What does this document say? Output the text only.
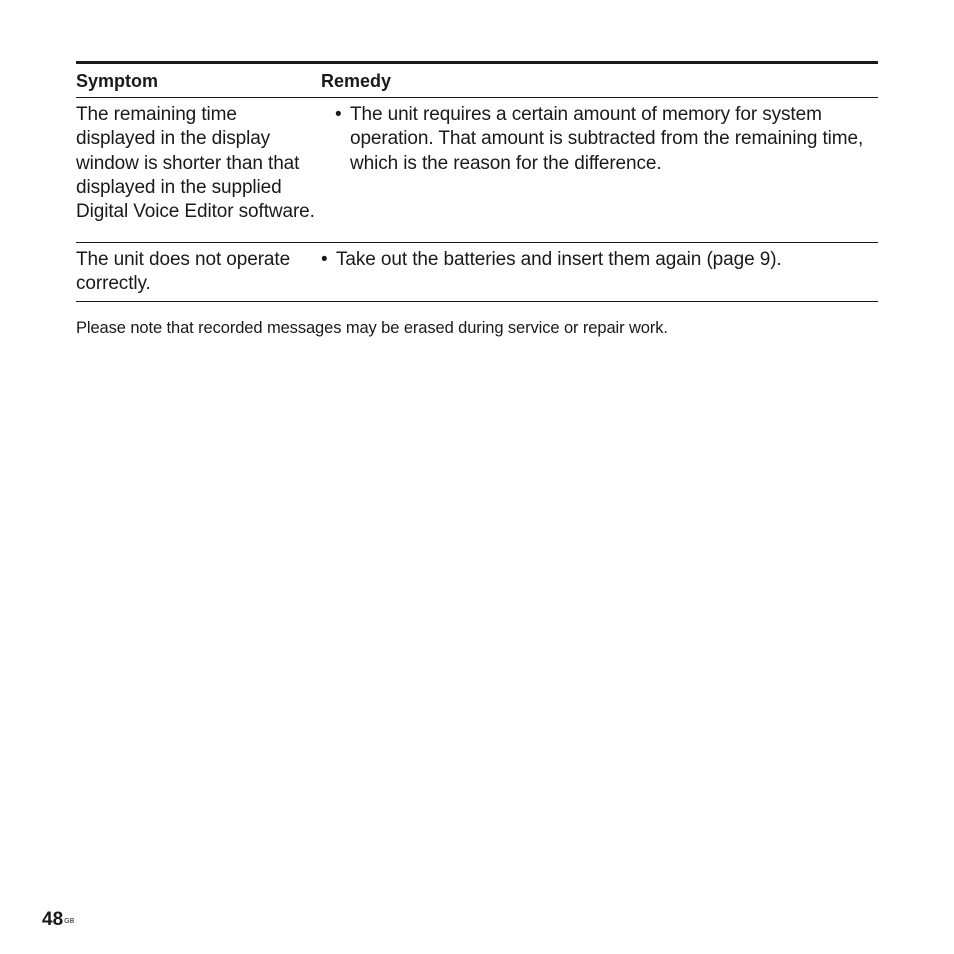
Symptom	Remedy
The remaining time displayed in the display window is shorter than that displayed in the supplied Digital Voice Editor software.
• The unit requires a certain amount of memory for system operation. That amount is subtracted from the remaining time, which is the reason for the difference.
The unit does not operate correctly.
• Take out the batteries and insert them again (page 9).
Please note that recorded messages may be erased during service or repair work.
$48^{GB}$
